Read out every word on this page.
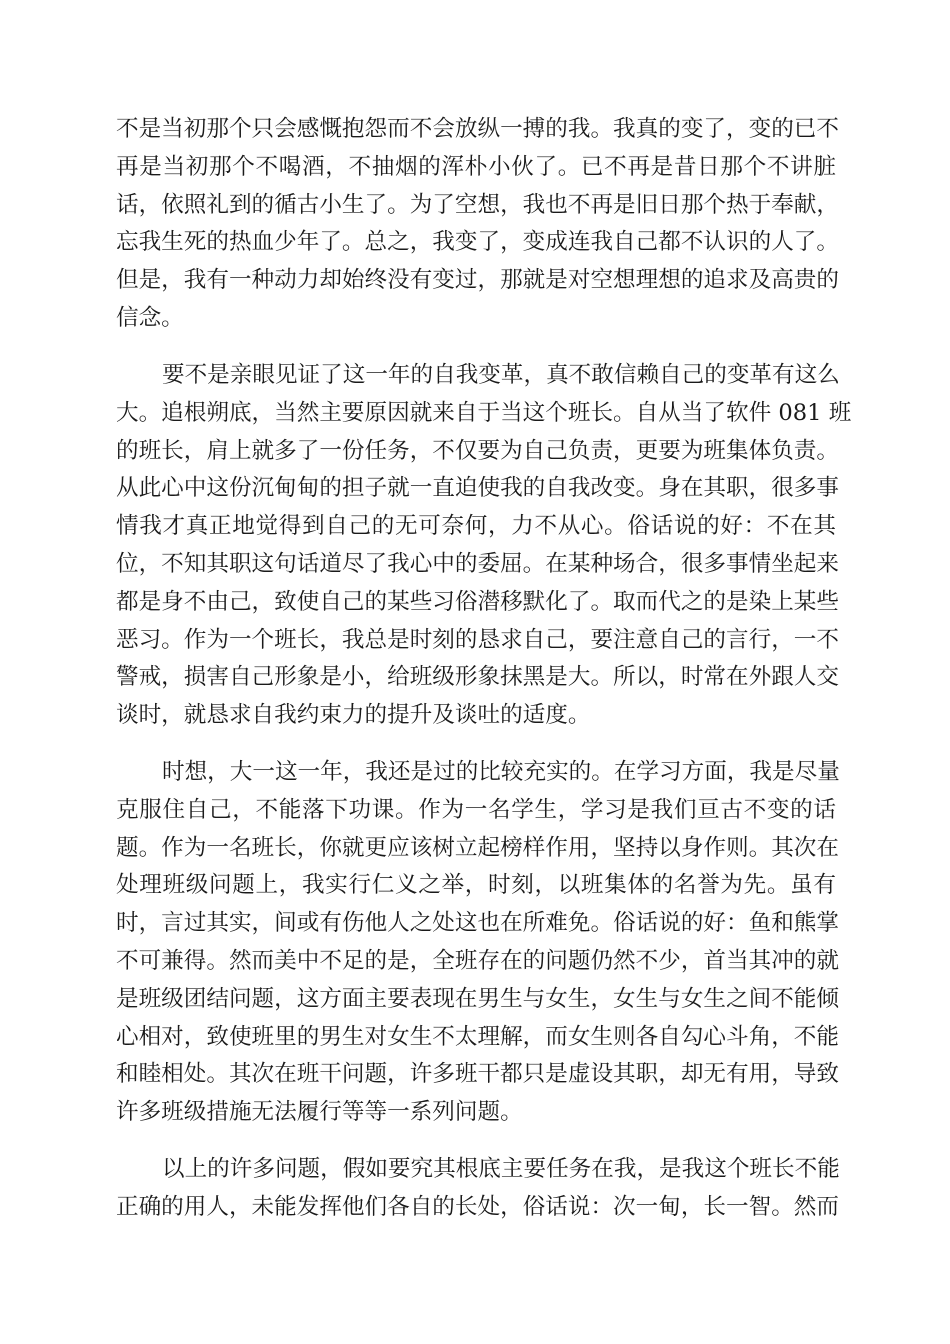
不是当初那个只会感慨抱怨而不会放纵一搏的我。我真的变了，变的已不
再是当初那个不喝酒，不抽烟的浑朴小伙了。已不再是昔日那个不讲脏
话，依照礼到的循古小生了。为了空想，我也不再是旧日那个热于奉献，
忘我生死的热血少年了。总之，我变了，变成连我自己都不认识的人了。
但是，我有一种动力却始终没有变过，那就是对空想理想的追求及高贵的
信念。
要不是亲眼见证了这一年的自我变革，真不敢信赖自己的变革有这么
大。追根朔底，当然主要原因就来自于当这个班长。自从当了软件 081 班
的班长，肩上就多了一份任务，不仅要为自己负责，更要为班集体负责。
从此心中这份沉甸甸的担子就一直迫使我的自我改变。身在其职，很多事
情我才真正地觉得到自己的无可奈何，力不从心。俗话说的好：不在其
位，不知其职这句话道尽了我心中的委屈。在某种场合，很多事情坐起来
都是身不由己，致使自己的某些习俗潜移默化了。取而代之的是染上某些
恶习。作为一个班长，我总是时刻的恳求自己，要注意自己的言行，一不
警戒，损害自己形象是小，给班级形象抹黑是大。所以，时常在外跟人交
谈时，就恳求自我约束力的提升及谈吐的适度。
时想，大一这一年，我还是过的比较充实的。在学习方面，我是尽量
克服住自己，不能落下功课。作为一名学生，学习是我们亘古不变的话
题。作为一名班长，你就更应该树立起榜样作用，坚持以身作则。其次在
处理班级问题上，我实行仁义之举，时刻，以班集体的名誉为先。虽有
时，言过其实，间或有伤他人之处这也在所难免。俗话说的好：鱼和熊掌
不可兼得。然而美中不足的是，全班存在的问题仍然不少，首当其冲的就
是班级团结问题，这方面主要表现在男生与女生，女生与女生之间不能倾
心相对，致使班里的男生对女生不太理解，而女生则各自勾心斗角，不能
和睦相处。其次在班干问题，许多班干都只是虚设其职，却无有用，导致
许多班级措施无法履行等等一系列问题。
以上的许多问题，假如要究其根底主要任务在我，是我这个班长不能
正确的用人，未能发挥他们各自的长处，俗话说：次一甸，长一智。然而
